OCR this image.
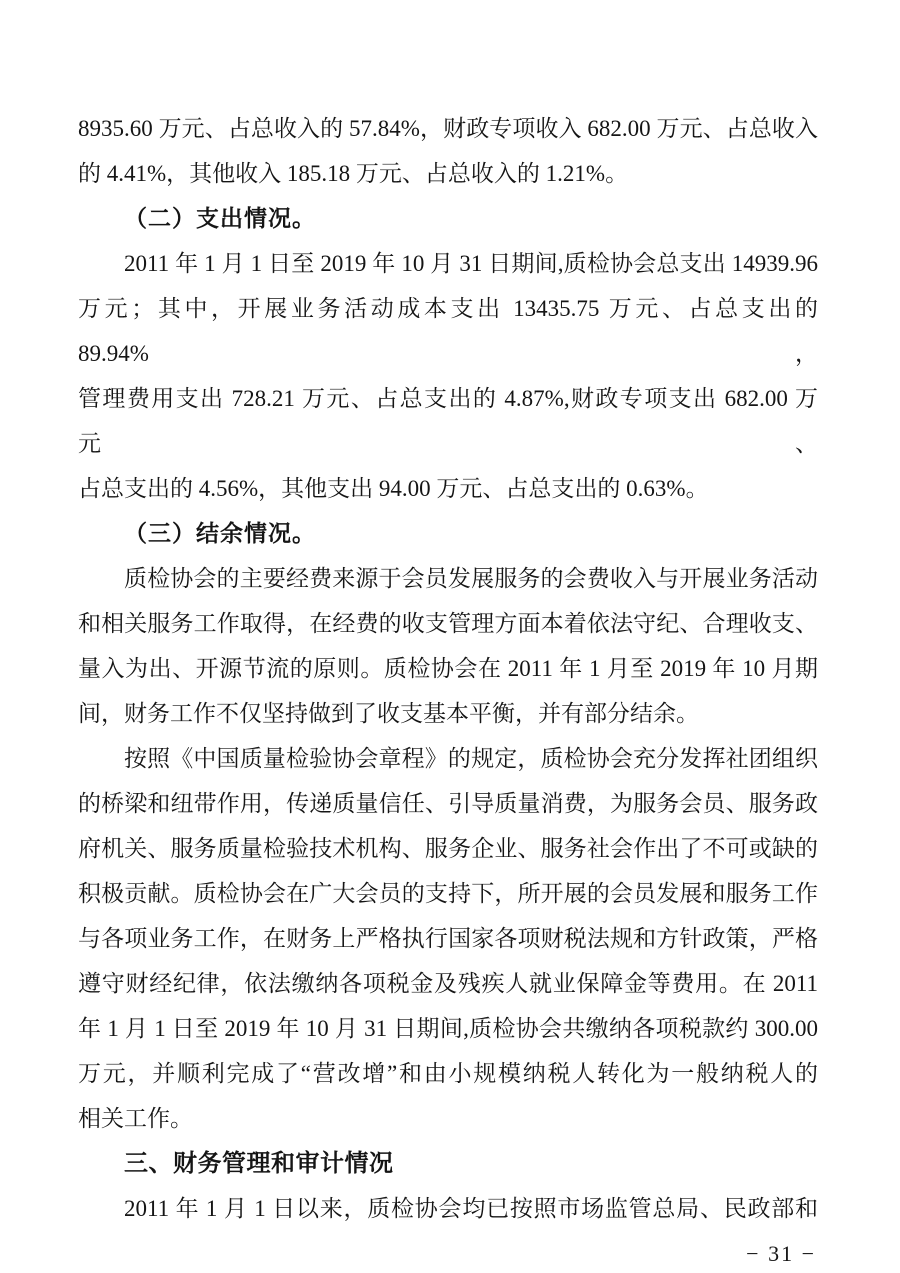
8935.60 万元、占总收入的 57.84%，财政专项收入 682.00 万元、占总收入
的 4.41%，其他收入 185.18 万元、占总收入的 1.21%。
（二）支出情况。
2011 年 1 月 1 日至 2019 年 10 月 31 日期间,质检协会总支出 14939.96
万元；其中，开展业务活动成本支出 13435.75 万元、占总支出的 89.94%，
管理费用支出 728.21 万元、占总支出的 4.87%,财政专项支出 682.00 万元、
占总支出的 4.56%，其他支出 94.00 万元、占总支出的 0.63%。
（三）结余情况。
质检协会的主要经费来源于会员发展服务的会费收入与开展业务活动
和相关服务工作取得，在经费的收支管理方面本着依法守纪、合理收支、
量入为出、开源节流的原则。质检协会在 2011 年 1 月至 2019 年 10 月期
间，财务工作不仅坚持做到了收支基本平衡，并有部分结余。
按照《中国质量检验协会章程》的规定，质检协会充分发挥社团组织
的桥梁和纽带作用，传递质量信任、引导质量消费，为服务会员、服务政
府机关、服务质量检验技术机构、服务企业、服务社会作出了不可或缺的
积极贡献。质检协会在广大会员的支持下，所开展的会员发展和服务工作
与各项业务工作，在财务上严格执行国家各项财税法规和方针政策，严格
遵守财经纪律，依法缴纳各项税金及残疾人就业保障金等费用。在 2011
年 1 月 1 日至 2019 年 10 月 31 日期间,质检协会共缴纳各项税款约 300.00
万元，并顺利完成了“营改增”和由小规模纳税人转化为一般纳税人的
相关工作。
三、财务管理和审计情况
2011 年 1 月 1 日以来，质检协会均已按照市场监管总局、民政部和
− 31 −
